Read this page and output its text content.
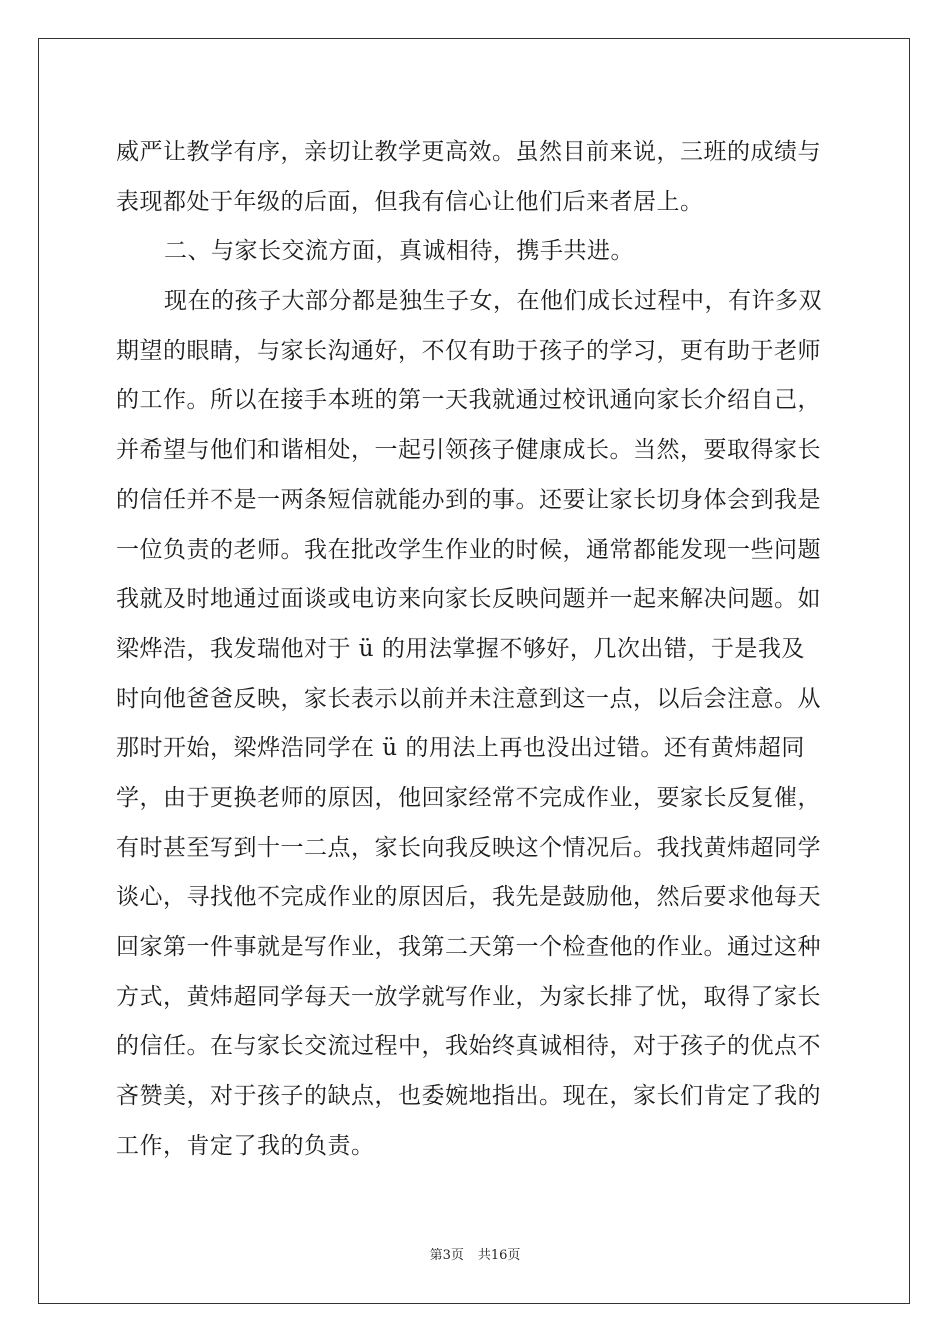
威严让教学有序，亲切让教学更高效。虽然目前来说，三班的成绩与
表现都处于年级的后面，但我有信心让他们后来者居上。
二、与家长交流方面，真诚相待，携手共进。
现在的孩子大部分都是独生子女，在他们成长过程中，有许多双
期望的眼睛，与家长沟通好，不仅有助于孩子的学习，更有助于老师
的工作。所以在接手本班的第一天我就通过校讯通向家长介绍自己，
并希望与他们和谐相处，一起引领孩子健康成长。当然，要取得家长
的信任并不是一两条短信就能办到的事。还要让家长切身体会到我是
一位负责的老师。我在批改学生作业的时候，通常都能发现一些问题
我就及时地通过面谈或电访来向家长反映问题并一起来解决问题。如
梁烨浩，我发瑞他对于 ü 的用法掌握不够好，几次出错，于是我及
时向他爸爸反映，家长表示以前并未注意到这一点，以后会注意。从
那时开始，梁烨浩同学在 ü 的用法上再也没出过错。还有黄炜超同
学，由于更换老师的原因，他回家经常不完成作业，要家长反复催，
有时甚至写到十一二点，家长向我反映这个情况后。我找黄炜超同学
谈心，寻找他不完成作业的原因后，我先是鼓励他，然后要求他每天
回家第一件事就是写作业，我第二天第一个检查他的作业。通过这种
方式，黄炜超同学每天一放学就写作业，为家长排了忧，取得了家长
的信任。在与家长交流过程中，我始终真诚相待，对于孩子的优点不
吝赞美，对于孩子的缺点，也委婉地指出。现在，家长们肯定了我的
工作，肯定了我的负责。
第3页 共16页
